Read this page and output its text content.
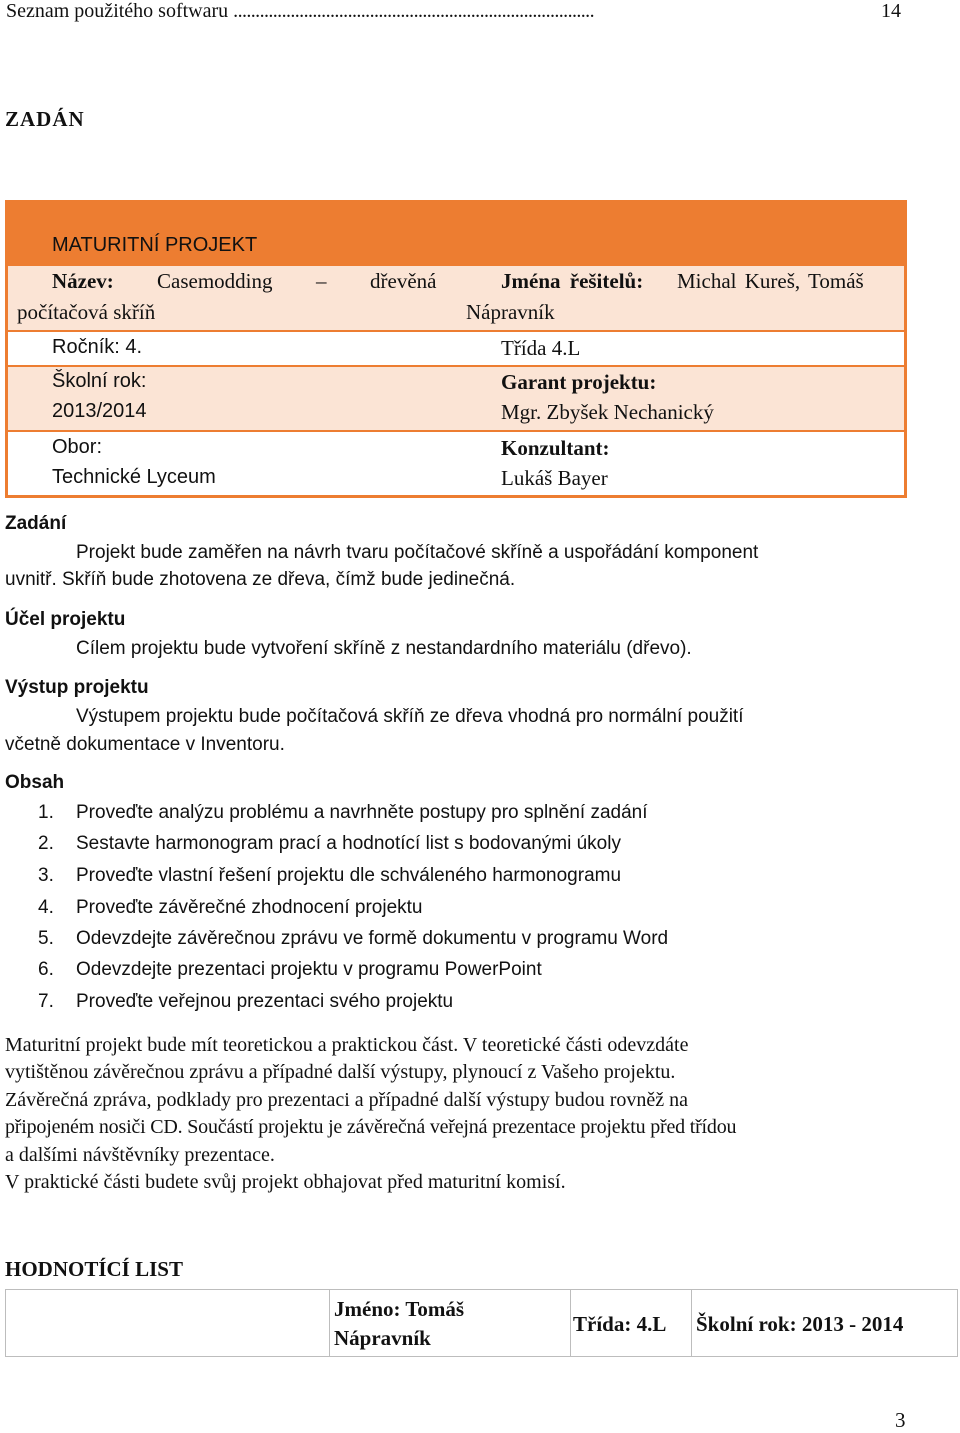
Seznam použitého softwaru ..................................................................................	14
ZADÁN
MATURITNÍ PROJEKT
Název: Casemodding – dřevěná
počítačová skříň
Jména řešitelů: Michal Kureš, Tomáš
Nápravník
Ročník: 4.	Třída 4.L
Školní rok:
2013/2014
Garant projektu:
Mgr. Zbyšek Nechanický
Obor:
Technické Lyceum
Konzultant:
Lukáš Bayer
Zadání
Projekt bude zaměřen na návrh tvaru počítačové skříně a uspořádání komponent
uvnitř. Skříň bude zhotovena ze dřeva, čímž bude jedinečná.
Účel projektu
Cílem projektu bude vytvoření skříně z nestandardního materiálu (dřevo).
Výstup projektu
Výstupem projektu bude počítačová skříň ze dřeva vhodná pro normální použití
včetně dokumentace v Inventoru.
Obsah
1. Proveďte analýzu problému a navrhněte postupy pro splnění zadání
2. Sestavte harmonogram prací a hodnotící list s bodovanými úkoly
3. Proveďte vlastní řešení projektu dle schváleného harmonogramu
4. Proveďte závěrečné zhodnocení projektu
5. Odevzdejte závěrečnou zprávu ve formě dokumentu v programu Word
6. Odevzdejte prezentaci projektu v programu PowerPoint
7. Proveďte veřejnou prezentaci svého projektu
Maturitní projekt bude mít teoretickou a praktickou část. V teoretické části odevzdáte
vytištěnou závěrečnou zprávu a případné další výstupy, plynoucí z Vašeho projektu.
Závěrečná zpráva, podklady pro prezentaci a případné další výstupy budou rovněž na
připojeném nosiči CD. Součástí projektu je závěrečná veřejná prezentace projektu před třídou
a dalšími návštěvníky prezentace.
V praktické části budete svůj projekt obhajovat před maturitní komisí.
HODNOTÍCÍ LIST
Jméno: Tomáš
Nápravník
Třída: 4.L Školní rok: 2013 - 2014
3
